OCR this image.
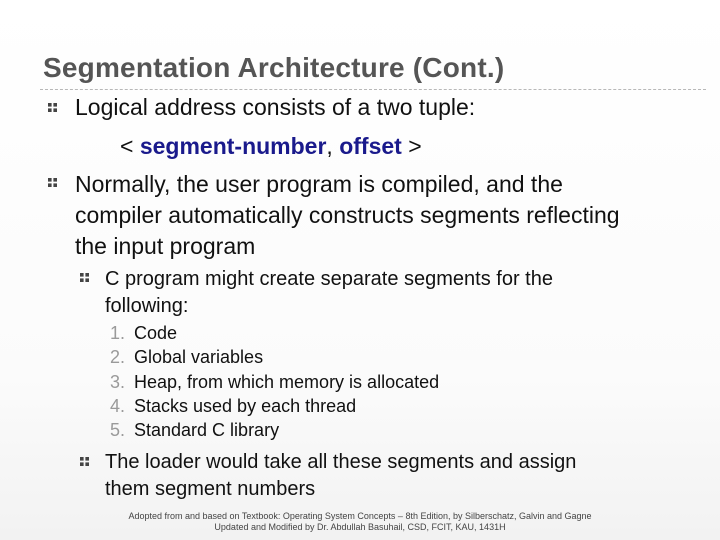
Segmentation Architecture (Cont.)
Logical address consists of a two tuple:
< segment-number, offset >
Normally, the user program is compiled, and the
compiler automatically constructs segments reflecting
the input program
C program might create separate segments for the
following:
1. Code
2. Global variables
3. Heap, from which memory is allocated
4. Stacks used by each thread
5. Standard C library
The loader would take all these segments and assign
them segment numbers
Adopted from and based on Textbook: Operating System Concepts – 8th Edition, by Silberschatz, Galvin and Gagne
Updated and Modified by Dr. Abdullah Basuhail, CSD, FCIT, KAU, 1431H
